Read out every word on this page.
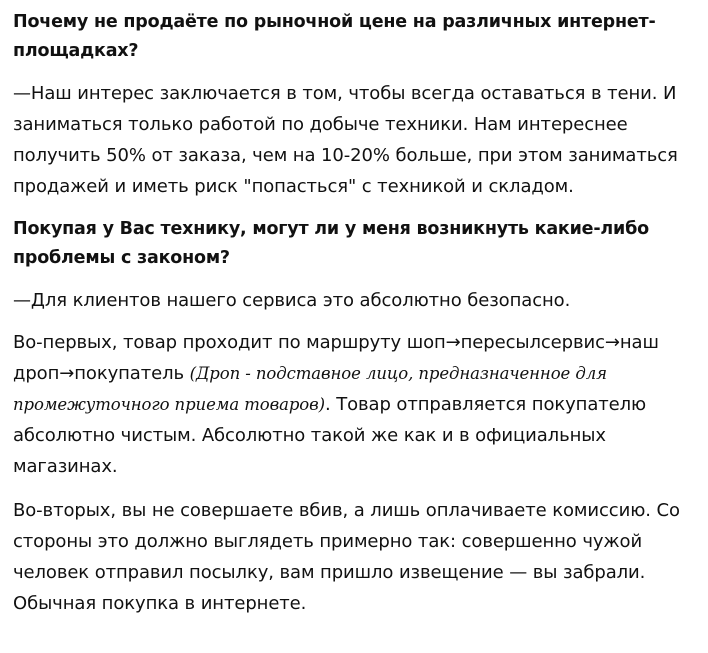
Почему не продаёте по рыночной цене на различных интернет-площадках?
—Наш интерес заключается в том, чтобы всегда оставаться в тени. И заниматься только работой по добыче техники. Нам интереснее получить 50% от заказа, чем на 10-20% больше, при этом заниматься продажей и иметь риск "попасться" с техникой и складом.
Покупая у Вас технику, могут ли у меня возникнуть какие-либо проблемы с законом?
—Для клиентов нашего сервиса это абсолютно безопасно.
Во-первых, товар проходит по маршруту шоп→пересылсервис→наш дроп→покупатель (Дроп - подставное лицо, предназначенное для промежуточного приема товаров). Товар отправляется покупателю абсолютно чистым. Абсолютно такой же как и в официальных магазинах.
Во-вторых, вы не совершаете вбив, а лишь оплачиваете комиссию. Со стороны это должно выглядеть примерно так: совершенно чужой человек отправил посылку, вам пришло извещение — вы забрали. Обычная покупка в интернете.
